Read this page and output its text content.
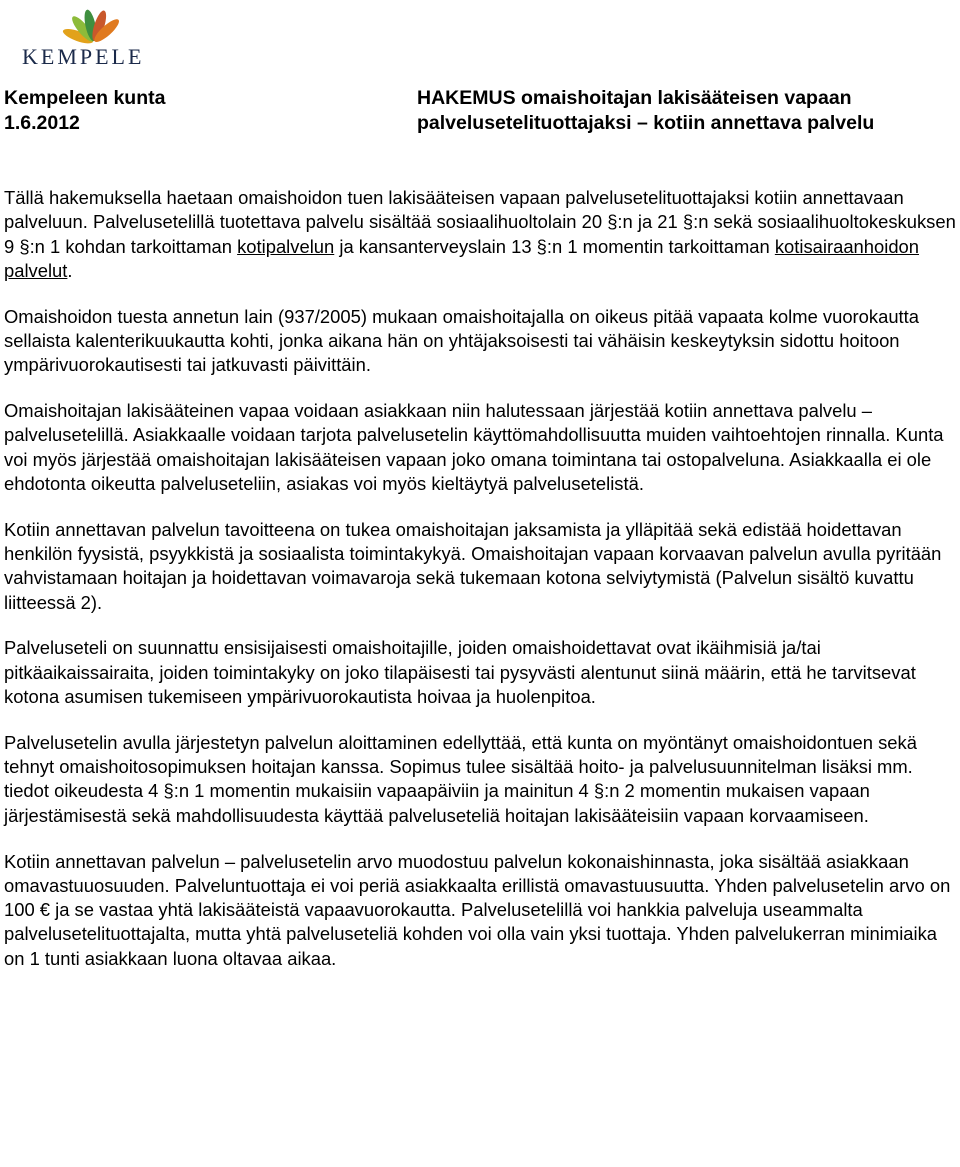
KEMPELE
Kempeleen kunta
1.6.2012
HAKEMUS omaishoitajan lakisääteisen vapaan
palvelusetelituottajaksi – kotiin annettava palvelu

Tällä hakemuksella haetaan omaishoidon tuen lakisääteisen vapaan palvelusetelituottajaksi kotiin annettavaan palveluun. Palvelusetelillä tuotettava palvelu sisältää sosiaalihuoltolain 20 §:n ja 21 §:n sekä sosiaalihuoltokeskuksen 9 §:n 1 kohdan tarkoittaman kotipalvelun ja kansanterveyslain 13 §:n 1 momentin tarkoittaman kotisairaanhoidon palvelut.

Omaishoidon tuesta annetun lain (937/2005) mukaan omaishoitajalla on oikeus pitää vapaata kolme vuorokautta sellaista kalenterikuukautta kohti, jonka aikana hän on yhtäjaksoisesti tai vähäisin keskeytyksin sidottu hoitoon ympärivuorokautisesti tai jatkuvasti päivittäin.

Omaishoitajan lakisääteinen vapaa voidaan asiakkaan niin halutessaan järjestää kotiin annettava palvelu – palvelusetelillä. Asiakkaalle voidaan tarjota palvelusetelin käyttömahdollisuutta muiden vaihtoehtojen rinnalla. Kunta voi myös järjestää omaishoitajan lakisääteisen vapaan joko omana toimintana tai ostopalveluna. Asiakkaalla ei ole ehdotonta oikeutta palveluseteliin, asiakas voi myös kieltäytyä palvelusetelistä.

Kotiin annettavan palvelun tavoitteena on tukea omaishoitajan jaksamista ja ylläpitää sekä edistää hoidettavan henkilön fyysistä, psyykkistä ja sosiaalista toimintakykyä. Omaishoitajan vapaan korvaavan palvelun avulla pyritään vahvistamaan hoitajan ja hoidettavan voimavaroja sekä tukemaan kotona selviytymistä (Palvelun sisältö kuvattu liitteessä 2).

Palveluseteli on suunnattu ensisijaisesti omaishoitajille, joiden omaishoidettavat ovat ikäihmisiä ja/tai pitkäaikaissairaita, joiden toimintakyky on joko tilapäisesti tai pysyvästi alentunut siinä määrin, että he tarvitsevat kotona asumisen tukemiseen ympärivuorokautista hoivaa ja huolenpitoa.

Palvelusetelin avulla järjestetyn palvelun aloittaminen edellyttää, että kunta on myöntänyt omaishoidontuen sekä tehnyt omaishoitosopimuksen hoitajan kanssa. Sopimus tulee sisältää hoito- ja palvelusuunnitelman lisäksi mm. tiedot oikeudesta 4 §:n 1 momentin mukaisiin vapaapäiviin ja mainitun 4 §:n 2 momentin mukaisen vapaan järjestämisestä sekä mahdollisuudesta käyttää palveluseteliä hoitajan lakisääteisiin vapaan korvaamiseen.

Kotiin annettavan palvelun – palvelusetelin arvo muodostuu palvelun kokonaishinnasta, joka sisältää asiakkaan omavastuuosuuden. Palveluntuottaja ei voi periä asiakkaalta erillistä omavastuusuutta. Yhden palvelusetelin arvo on 100 € ja se vastaa yhtä lakisääteistä vapaavuorokautta. Palvelusetelillä voi hankkia palveluja useammalta palvelusetelituottajalta, mutta yhtä palveluseteliä kohden voi olla vain yksi tuottaja. Yhden palvelukerran minimiaika on 1 tunti asiakkaan luona oltavaa aikaa.
